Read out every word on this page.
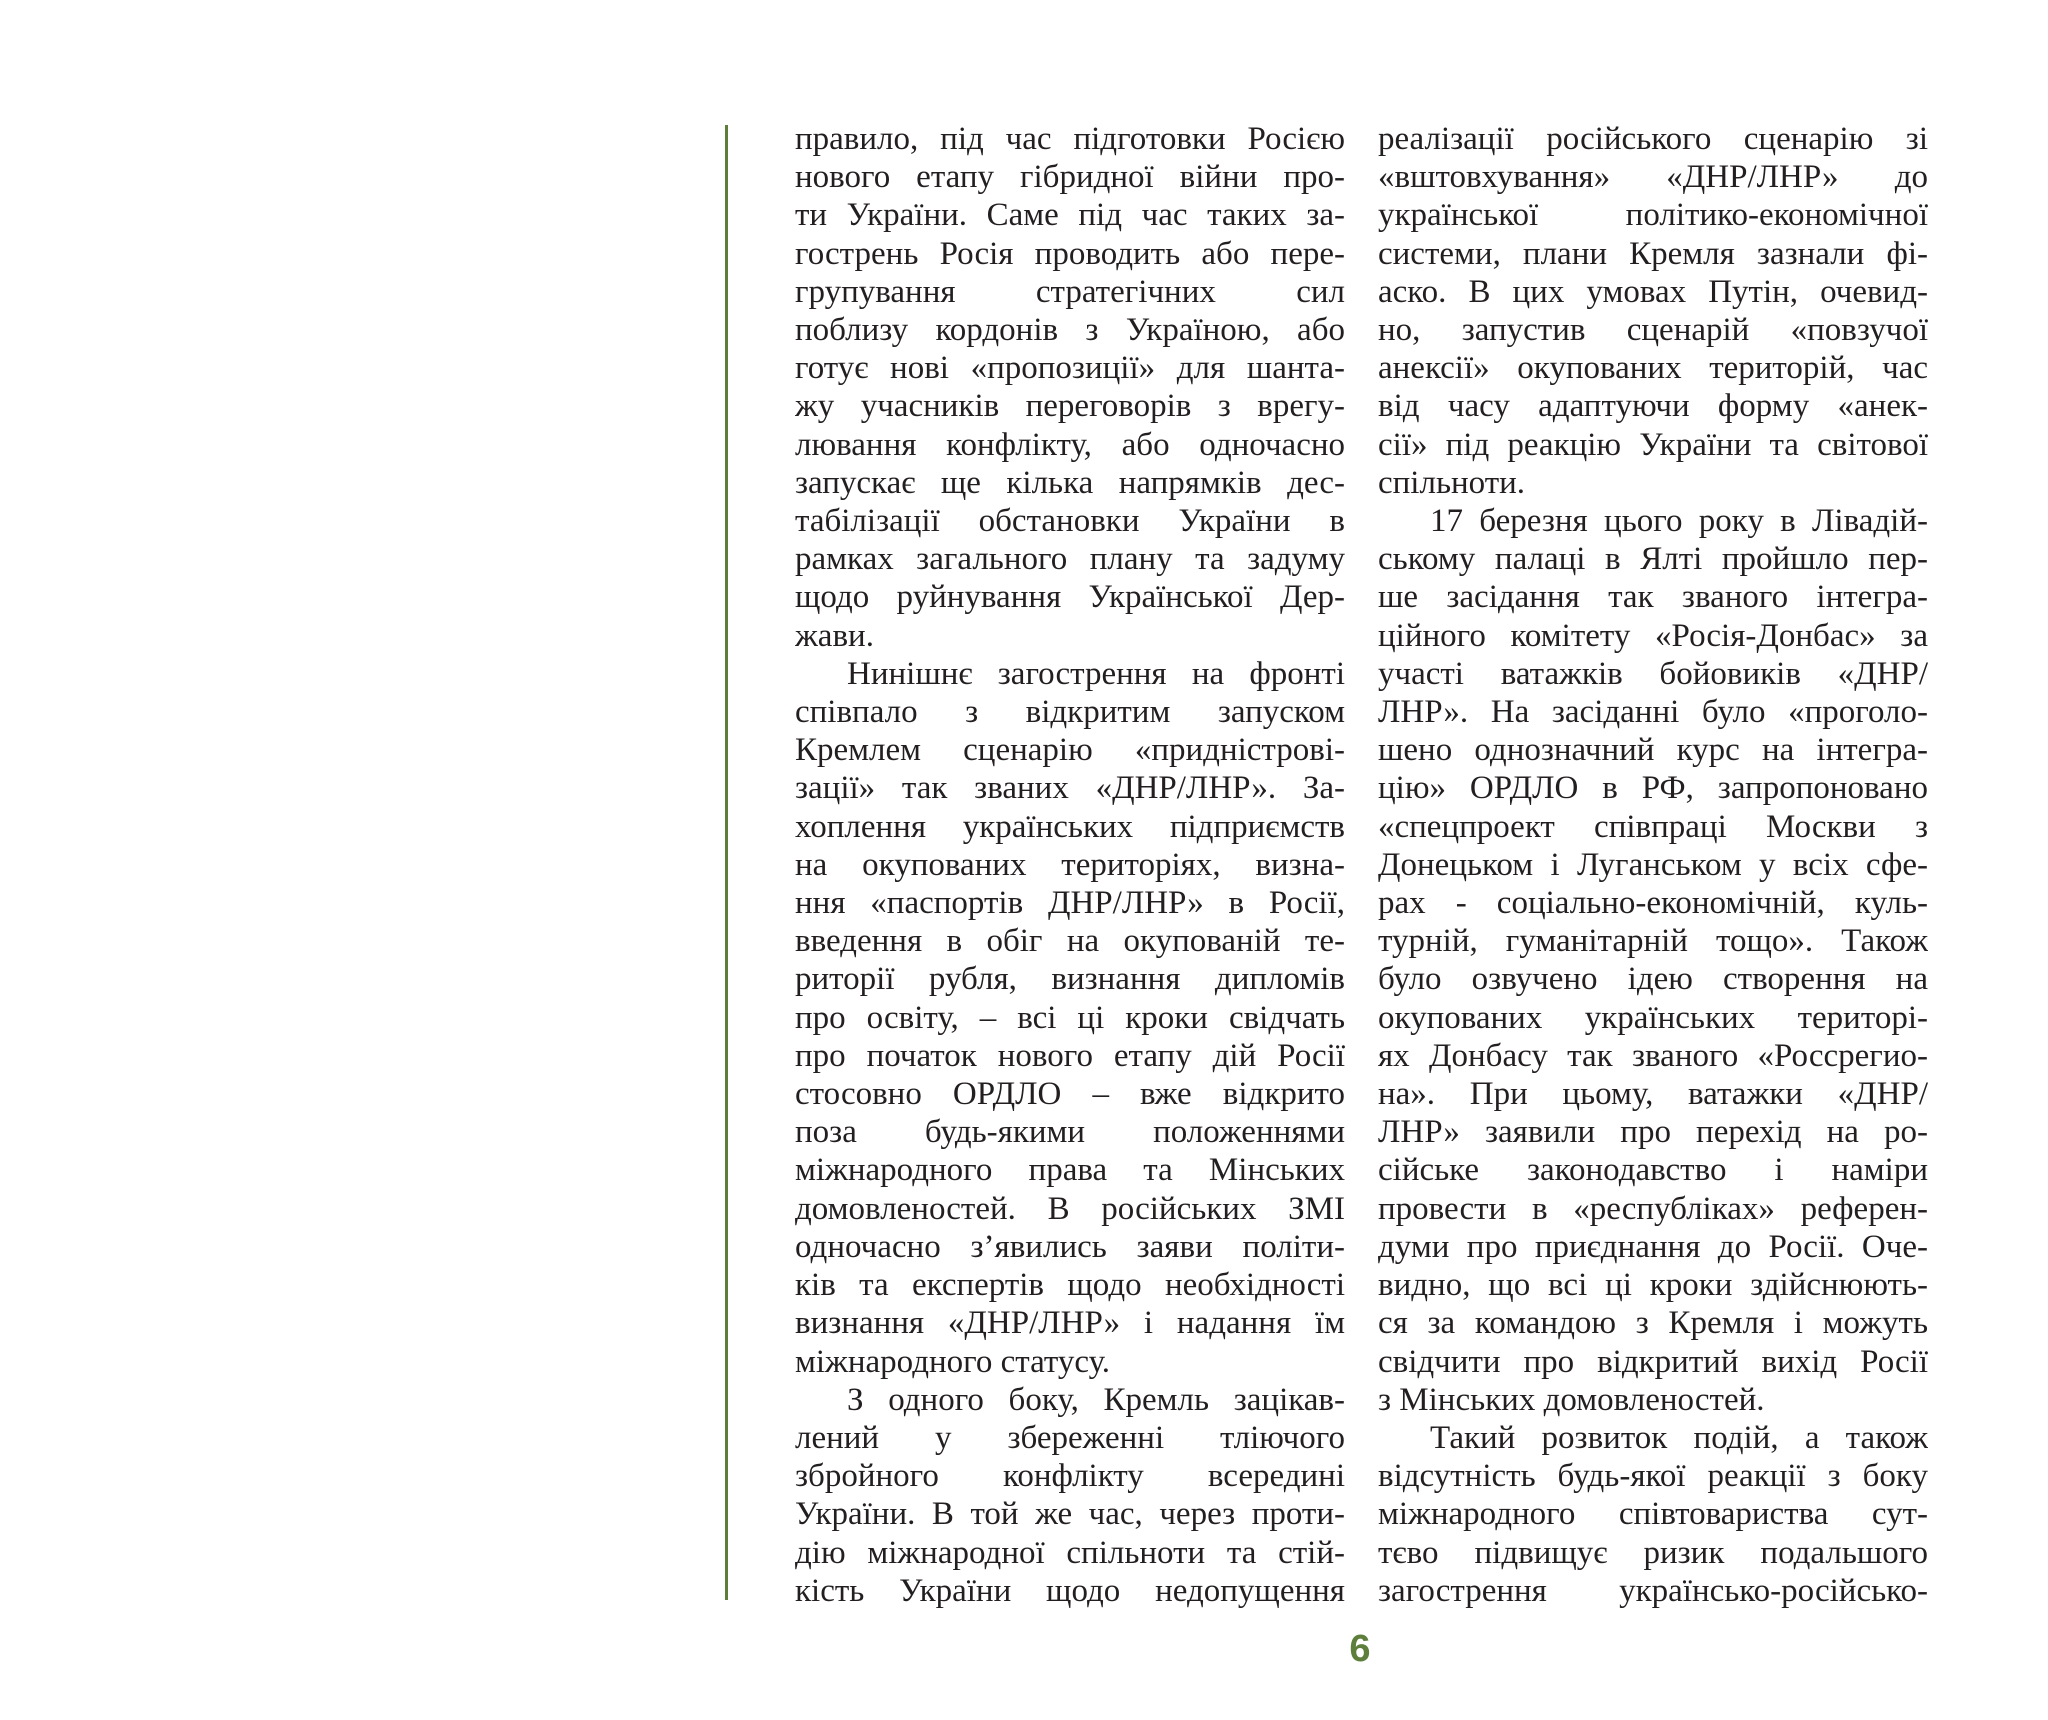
правило, під час підготовки Росією

нового етапу гібридної війни про-

ти України. Саме під час таких за-

гострень Росія проводить або пере-

групування стратегічних сил

поблизу кордонів з Україною, або

готує нові «пропозиції» для шанта-

жу учасників переговорів з врегу-

лювання конфлікту, або одночасно

запускає ще кілька напрямків дес-

табілізації обстановки України в

рамках загального плану та задуму

щодо руйнування Української Дер-

жави.

Нинішнє загострення на фронті

співпало з відкритим запуском

Кремлем сценарію «придністрові-

зації» так званих «ДНР/ЛНР». За-

хоплення українських підприємств

на окупованих територіях, визна-

ння «паспортів ДНР/ЛНР» в Росії,

введення в обіг на окупованій те-

риторії рубля, визнання дипломів

про освіту, – всі ці кроки свідчать

про початок нового етапу дій Росії

стосовно ОРДЛО – вже відкрито

поза будь-якими положеннями

міжнародного права та Мінських

домовленостей. В російських ЗМІ

одночасно з’явились заяви політи-

ків та експертів щодо необхідності

визнання «ДНР/ЛНР» і надання їм

міжнародного статусу.

З одного боку, Кремль зацікав-

лений у збереженні тліючого

збройного конфлікту всередині

України. В той же час, через проти-

дію міжнародної спільноти та стій-

кість України щодо недопущення

реалізації російського сценарію зі

«вштовхування» «ДНР/ЛНР» до

української політико-економічної

системи, плани Кремля зазнали фі-

аско. В цих умовах Путін, очевид-

но, запустив сценарій «повзучої

анексії» окупованих територій, час

від часу адаптуючи форму «анек-

сії» під реакцію України та світової

спільноти.

17 березня цього року в Лівадій-

ському палаці в Ялті пройшло пер-

ше засідання так званого інтегра-

ційного комітету «Росія-Донбас» за

участі ватажків бойовиків «ДНР/

ЛНР». На засіданні було «проголо-

шено однозначний курс на інтегра-

цію» ОРДЛО в РФ, запропоновано

«спецпроект співпраці Москви з

Донецьком і Луганськом у всіх сфе-

рах - соціально-економічній, куль-

турній, гуманітарній тощо». Також

було озвучено ідею створення на

окупованих українських територі-

ях Донбасу так званого «Россрегио-

на». При цьому, ватажки «ДНР/

ЛНР» заявили про перехід на ро-

сійське законодавство і наміри

провести в «республіках» референ-

думи про приєднання до Росії. Оче-

видно, що всі ці кроки здійснюють-

ся за командою з Кремля і можуть

свідчити про відкритий вихід Росії

з Мінських домовленостей.

Такий розвиток подій, а також

відсутність будь-якої реакції з боку

міжнародного співтовариства сут-

тєво підвищує ризик подальшого

загострення українсько-російсько-

6
